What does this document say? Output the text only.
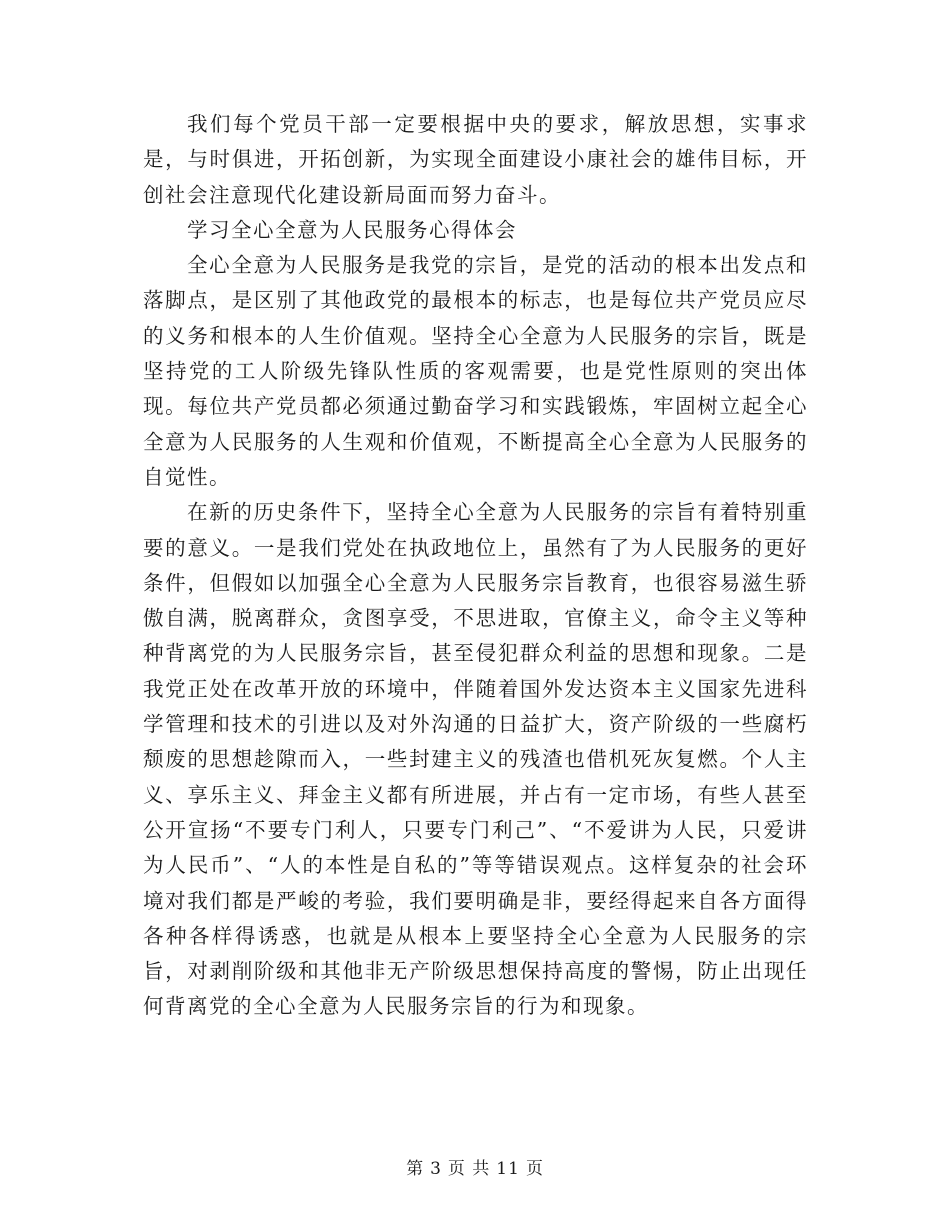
我们每个党员干部一定要根据中央的要求，解放思想，实事求是，与时俱进，开拓创新，为实现全面建设小康社会的雄伟目标，开创社会注意现代化建设新局面而努力奋斗。

学习全心全意为人民服务心得体会

全心全意为人民服务是我党的宗旨，是党的活动的根本出发点和落脚点，是区别了其他政党的最根本的标志，也是每位共产党员应尽的义务和根本的人生价值观。坚持全心全意为人民服务的宗旨，既是坚持党的工人阶级先锋队性质的客观需要，也是党性原则的突出体现。每位共产党员都必须通过勤奋学习和实践锻炼，牢固树立起全心全意为人民服务的人生观和价值观，不断提高全心全意为人民服务的自觉性。

在新的历史条件下，坚持全心全意为人民服务的宗旨有着特别重要的意义。一是我们党处在执政地位上，虽然有了为人民服务的更好条件，但假如以加强全心全意为人民服务宗旨教育，也很容易滋生骄傲自满，脱离群众，贪图享受，不思进取，官僚主义，命令主义等种种背离党的为人民服务宗旨，甚至侵犯群众利益的思想和现象。二是我党正处在改革开放的环境中，伴随着国外发达资本主义国家先进科学管理和技术的引进以及对外沟通的日益扩大，资产阶级的一些腐朽颓废的思想趁隙而入，一些封建主义的残渣也借机死灰复燃。个人主义、享乐主义、拜金主义都有所进展，并占有一定市场，有些人甚至公开宣扬“不要专门利人，只要专门利己”、“不爱讲为人民，只爱讲为人民币”、“人的本性是自私的”等等错误观点。这样复杂的社会环境对我们都是严峻的考验，我们要明确是非，要经得起来自各方面得各种各样得诱惑，也就是从根本上要坚持全心全意为人民服务的宗旨，对剥削阶级和其他非无产阶级思想保持高度的警惕，防止出现任何背离党的全心全意为人民服务宗旨的行为和现象。

第 3 页 共 11 页
